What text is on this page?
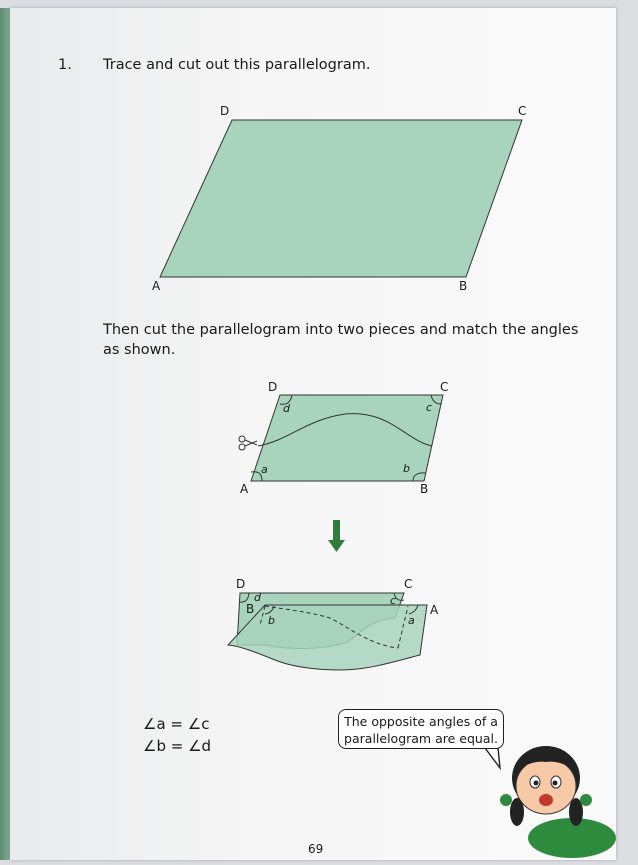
1. Trace and cut out this parallelogram.
D	C
A	B
Then cut the parallelogram into two pieces and match the angles as shown.
D	C
A	B
d	c
a	b
D	C
B	A
d
b
c
a
∠a = ∠c
∠b = ∠d
The opposite angles of a parallelogram are equal.
69
